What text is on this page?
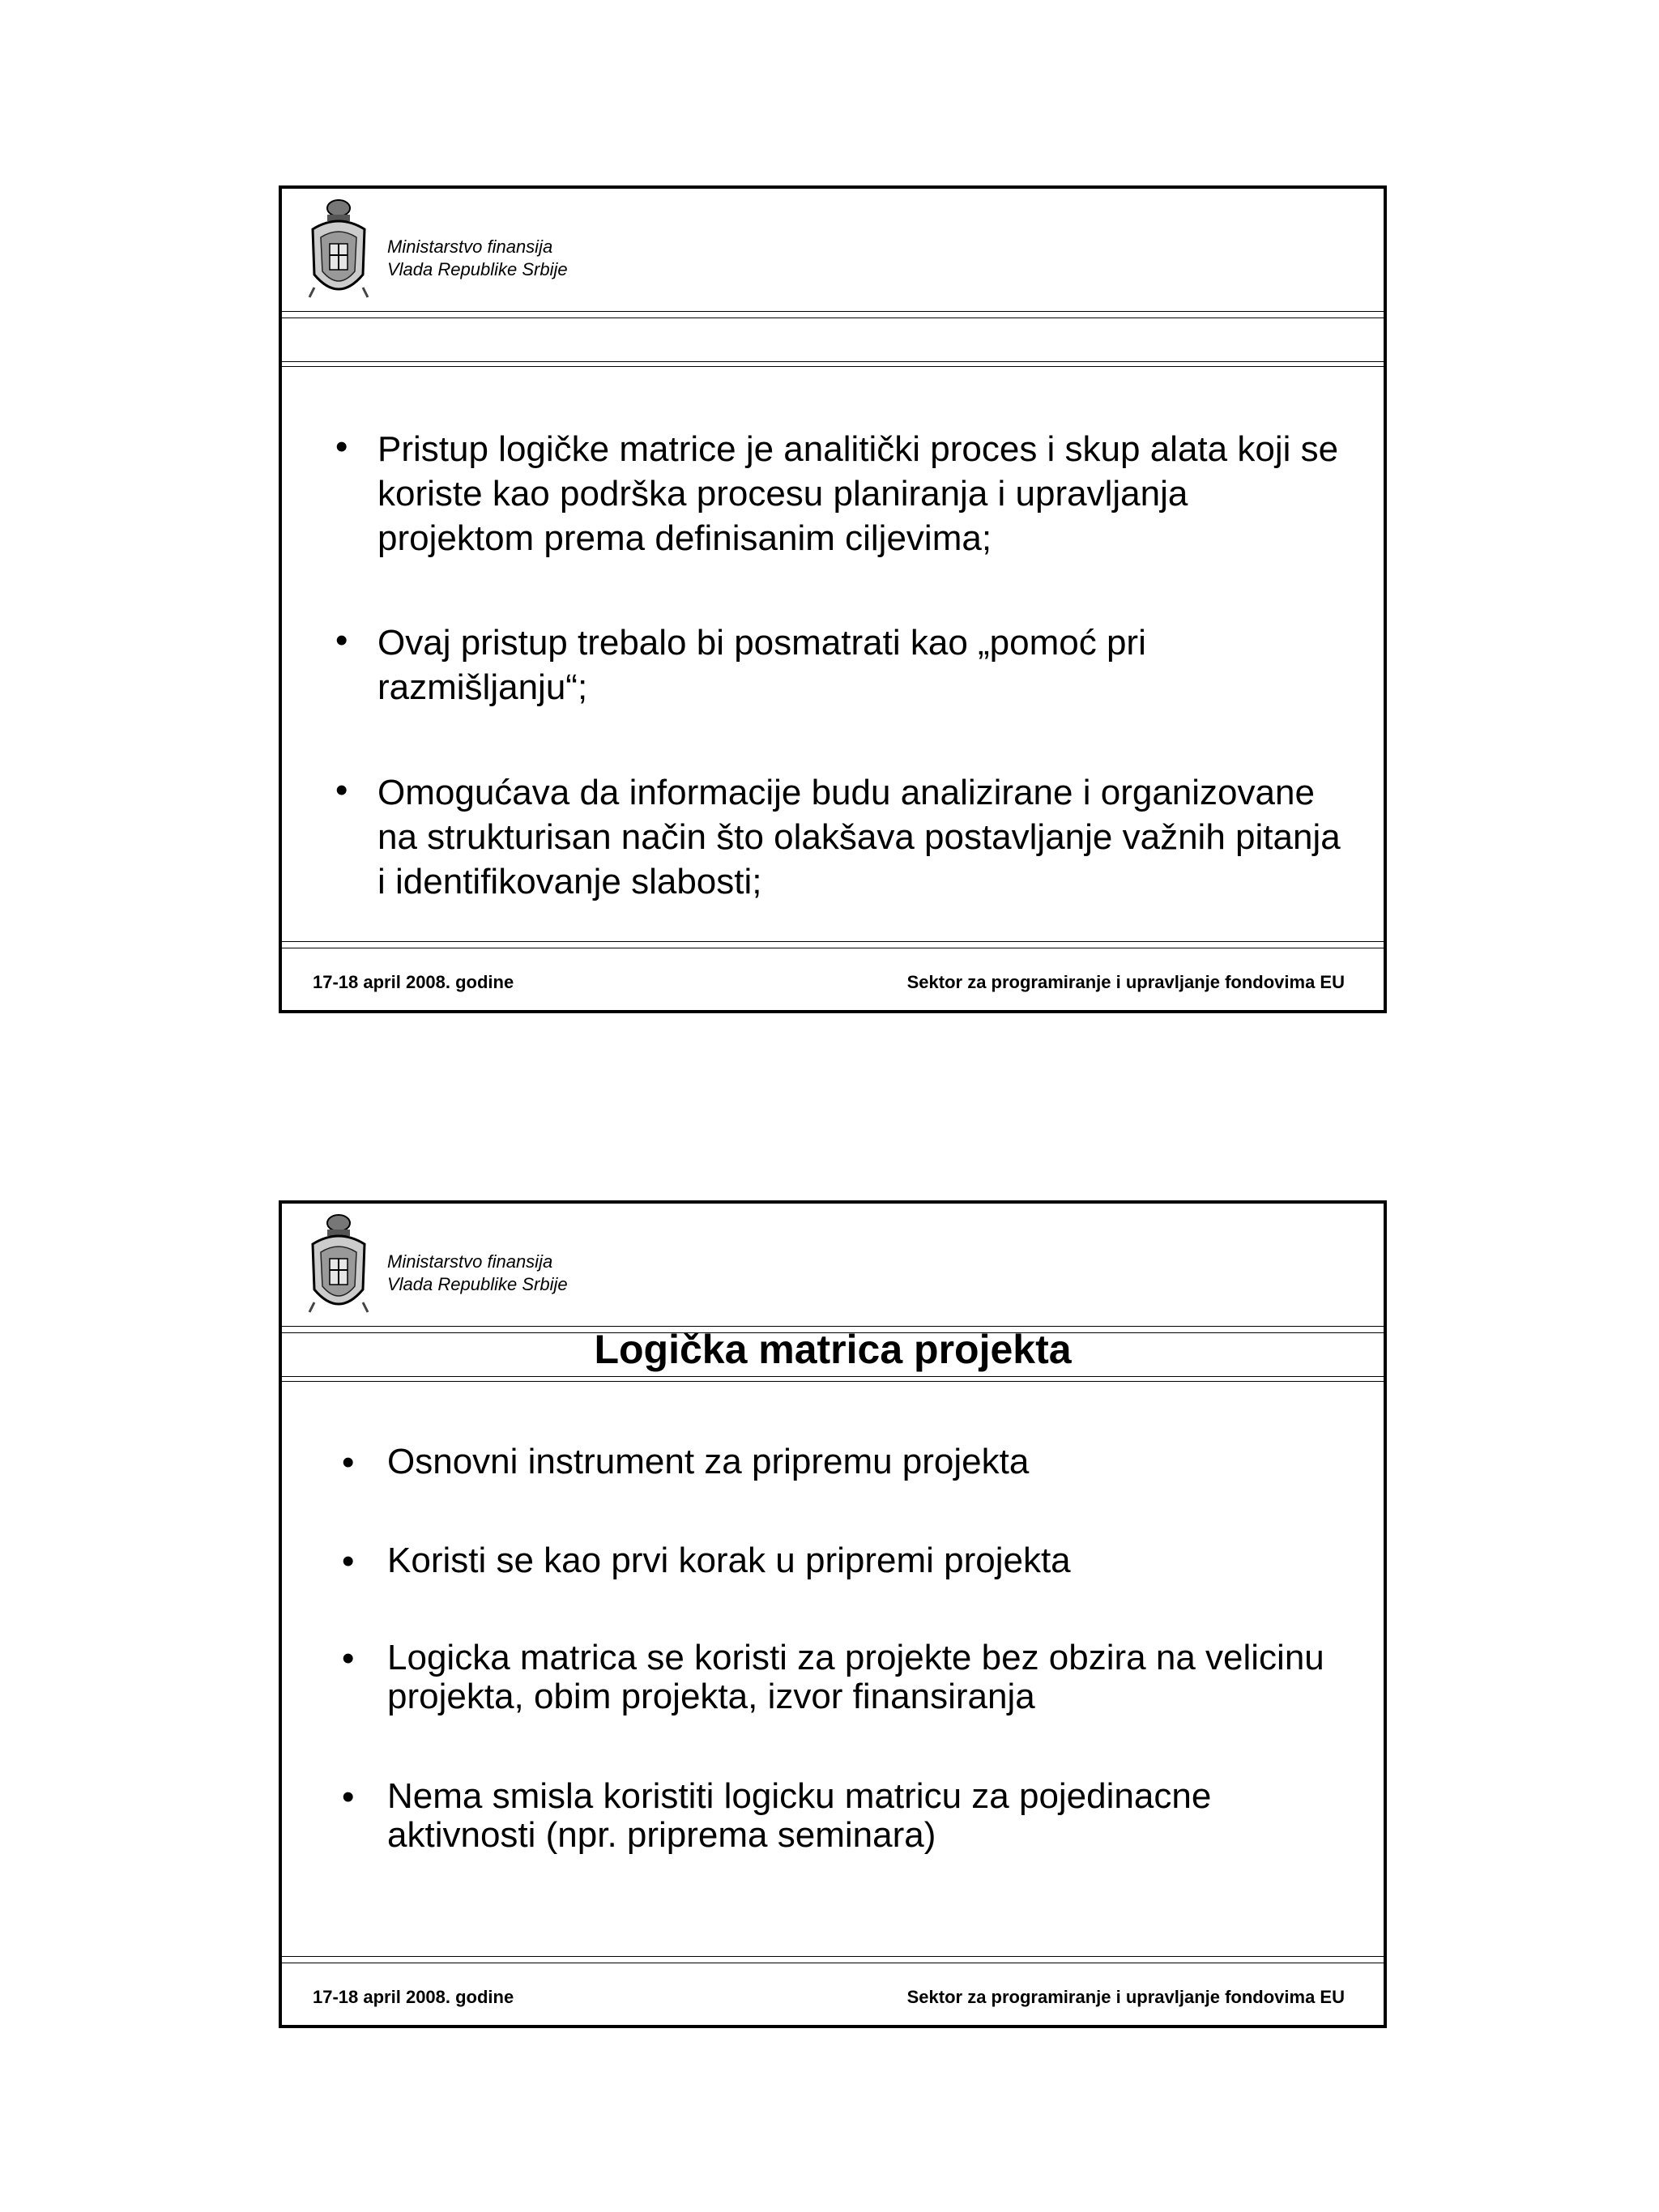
Ministarstvo finansija
Vlada Republike Srbije
• Pristup logičke matrice je analitički proces i skup alata koji se koriste kao podrška procesu planiranja i upravljanja projektom prema definisanim ciljevima;
• Ovaj pristup trebalo bi posmatrati kao „pomoć pri razmišljanju“;
• Omogućava da informacije budu analizirane i organizovane na strukturisan način što olakšava postavljanje važnih pitanja i identifikovanje slabosti;
17-18 april 2008. godine	Sektor za programiranje i upravljanje fondovima EU
Ministarstvo finansija
Vlada Republike Srbije
Logička matrica projekta
• Osnovni instrument za pripremu projekta
• Koristi se kao prvi korak u pripremi projekta
• Logicka matrica se koristi za projekte bez obzira na velicinu projekta, obim projekta, izvor finansiranja
• Nema smisla koristiti logicku matricu za pojedinacne aktivnosti (npr. priprema seminara)
17-18 april 2008. godine	Sektor za programiranje i upravljanje fondovima EU
